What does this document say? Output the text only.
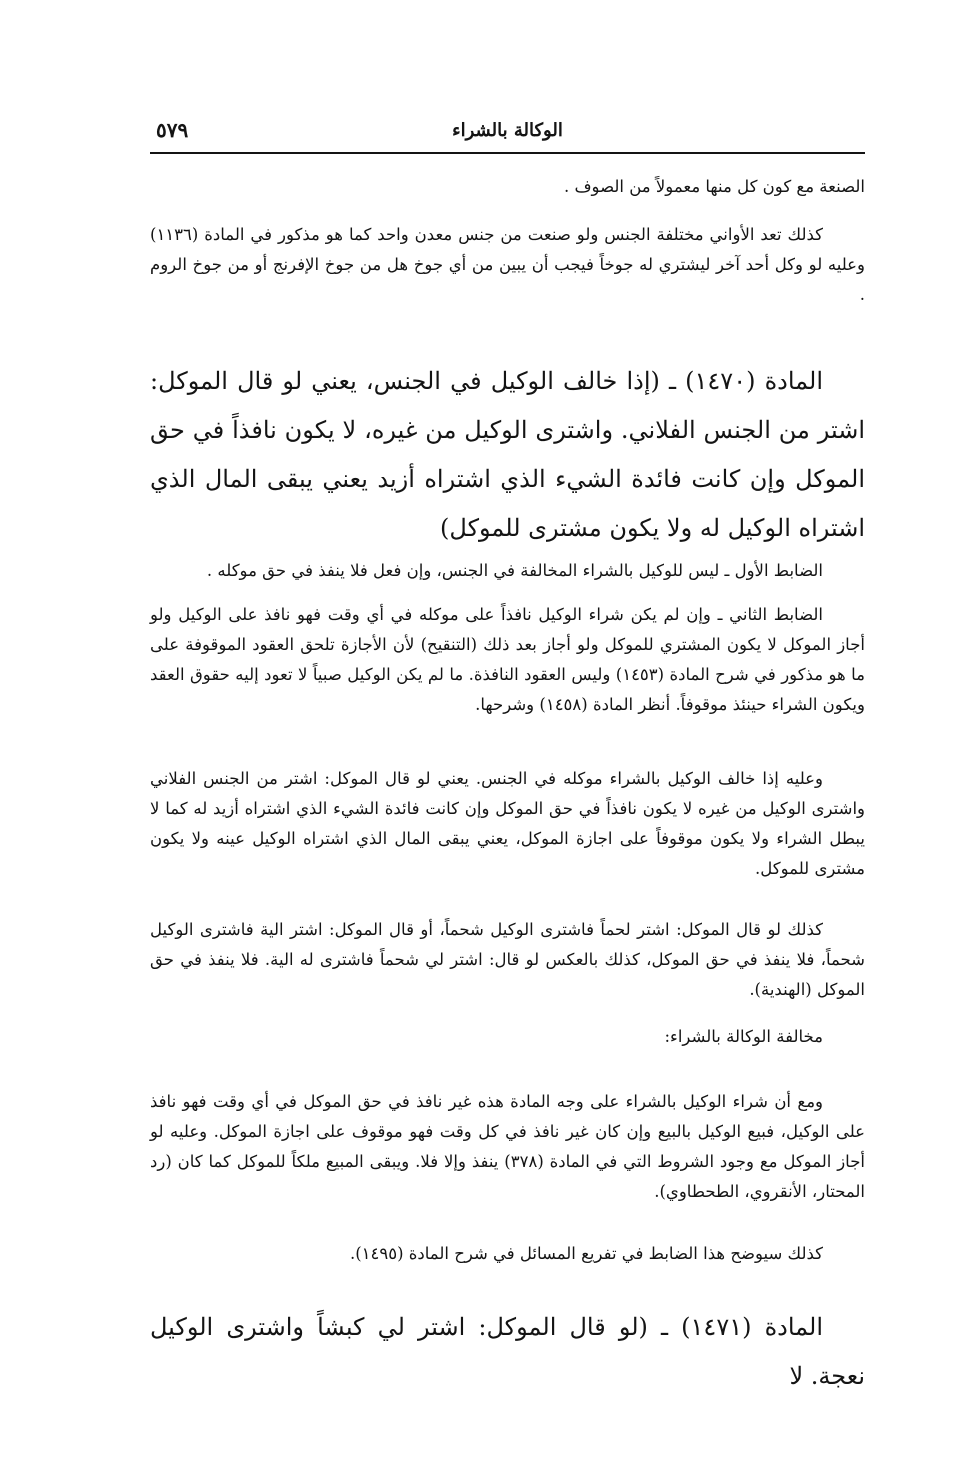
٥٧٩	الوكالة بالشراء

الصنعة مع كون كل منها معمولاً من الصوف .

كذلك تعد الأواني مختلفة الجنس ولو صنعت من جنس معدن واحد كما هو مذكور في المادة (١١٣٦) وعليه لو وكل أحد آخر ليشتري له جوخاً فيجب أن يبين من أي جوخ هل من جوخ الإفرنج أو من جوخ الروم .

المادة (١٤٧٠) ـ (إذا خالف الوكيل في الجنس، يعني لو قال الموكل: اشتر من الجنس الفلاني. واشترى الوكيل من غيره، لا يكون نافذاً في حق الموكل وإن كانت فائدة الشيء الذي اشتراه أزيد يعني يبقى المال الذي اشتراه الوكيل له ولا يكون مشترى للموكل)

الضابط الأول ـ ليس للوكيل بالشراء المخالفة في الجنس، وإن فعل فلا ينفذ في حق موكله .

الضابط الثاني ـ وإن لم يكن شراء الوكيل نافذاً على موكله في أي وقت فهو نافذ على الوكيل ولو أجاز الموكل لا يكون المشتري للموكل ولو أجاز بعد ذلك (التنقيح) لأن الأجازة تلحق العقود الموقوفة على ما هو مذكور في شرح المادة (١٤٥٣) وليس العقود النافذة. ما لم يكن الوكيل صبياً لا تعود إليه حقوق العقد ويكون الشراء حينئذ موقوفاً. أنظر المادة (١٤٥٨) وشرحها.

وعليه إذا خالف الوكيل بالشراء موكله في الجنس. يعني لو قال الموكل: اشتر من الجنس الفلاني واشترى الوكيل من غيره لا يكون نافذاً في حق الموكل وإن كانت فائدة الشيء الذي اشتراه أزيد له كما لا يبطل الشراء ولا يكون موقوفاً على اجازة الموكل، يعني يبقى المال الذي اشتراه الوكيل عينه ولا يكون مشترى للموكل.

كذلك لو قال الموكل: اشتر لحماً فاشترى الوكيل شحماً، أو قال الموكل: اشتر الية فاشترى الوكيل شحماً، فلا ينفذ في حق الموكل، كذلك بالعكس لو قال: اشتر لي شحماً فاشترى له الية. فلا ينفذ في حق الموكل (الهندية).

مخالفة الوكالة بالشراء:

ومع أن شراء الوكيل بالشراء على وجه المادة هذه غير نافذ في حق الموكل في أي وقت فهو نافذ على الوكيل، فبيع الوكيل بالبيع وإن كان غير نافذ في كل وقت فهو موقوف على اجازة الموكل. وعليه لو أجاز الموكل مع وجود الشروط التي في المادة (٣٧٨) ينفذ وإلا فلا. ويبقى المبيع ملكاً للموكل كما كان (رد المحتار، الأنقروي، الطحطاوي).

كذلك سيوضح هذا الضابط في تفريع المسائل في شرح المادة (١٤٩٥).

المادة (١٤٧١) ـ (لو قال الموكل: اشتر لي كبشاً واشترى الوكيل نعجة. لا
